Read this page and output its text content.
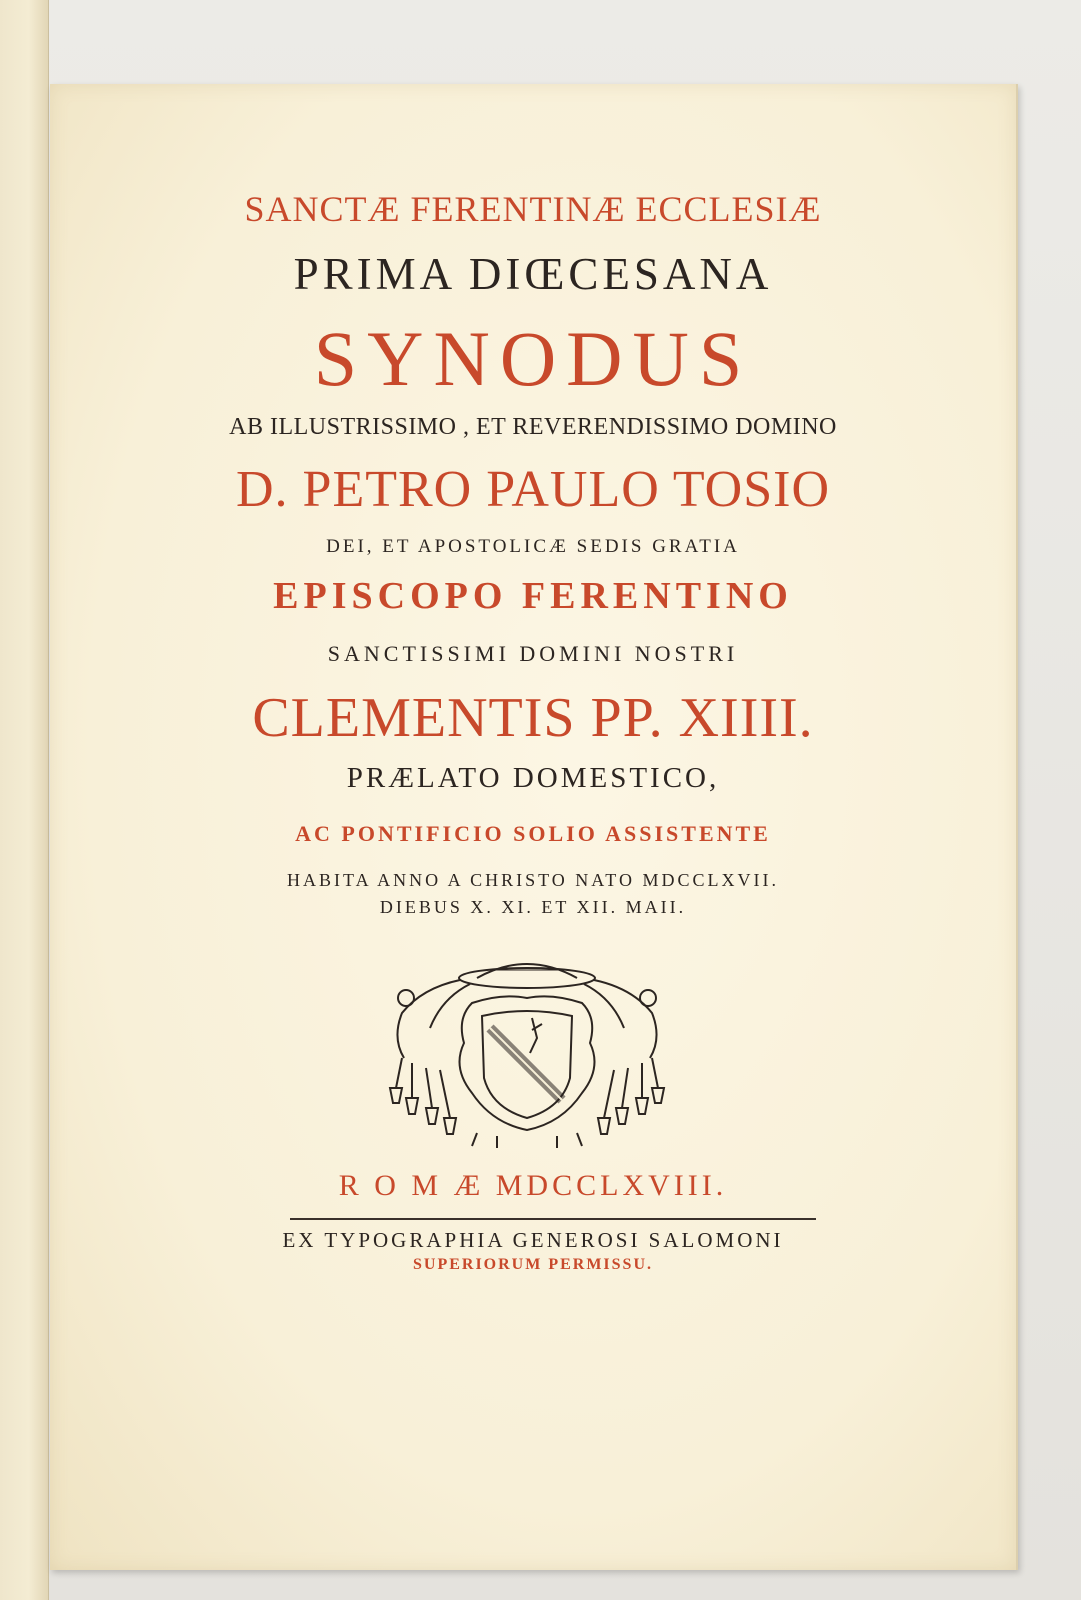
SANCTÆ FERENTINÆ ECCLESIÆ

PRIMA DIŒCESANA

SYNODUS

AB ILLUSTRISSIMO , ET REVERENDISSIMO DOMINO

D. PETRO PAULO TOSIO

DEI, ET APOSTOLICÆ SEDIS GRATIA

EPISCOPO FERENTINO

SANCTISSIMI DOMINI NOSTRI

CLEMENTIS PP. XIIII.

PRÆLATO DOMESTICO,

AC PONTIFICIO SOLIO ASSISTENTE

HABITA ANNO A CHRISTO NATO MDCCLXVII.

DIEBUS X. XI. ET XII. MAII.

R O M Æ MDCCLXVIII.

EX TYPOGRAPHIA GENEROSI SALOMONI

SUPERIORUM PERMISSU.
